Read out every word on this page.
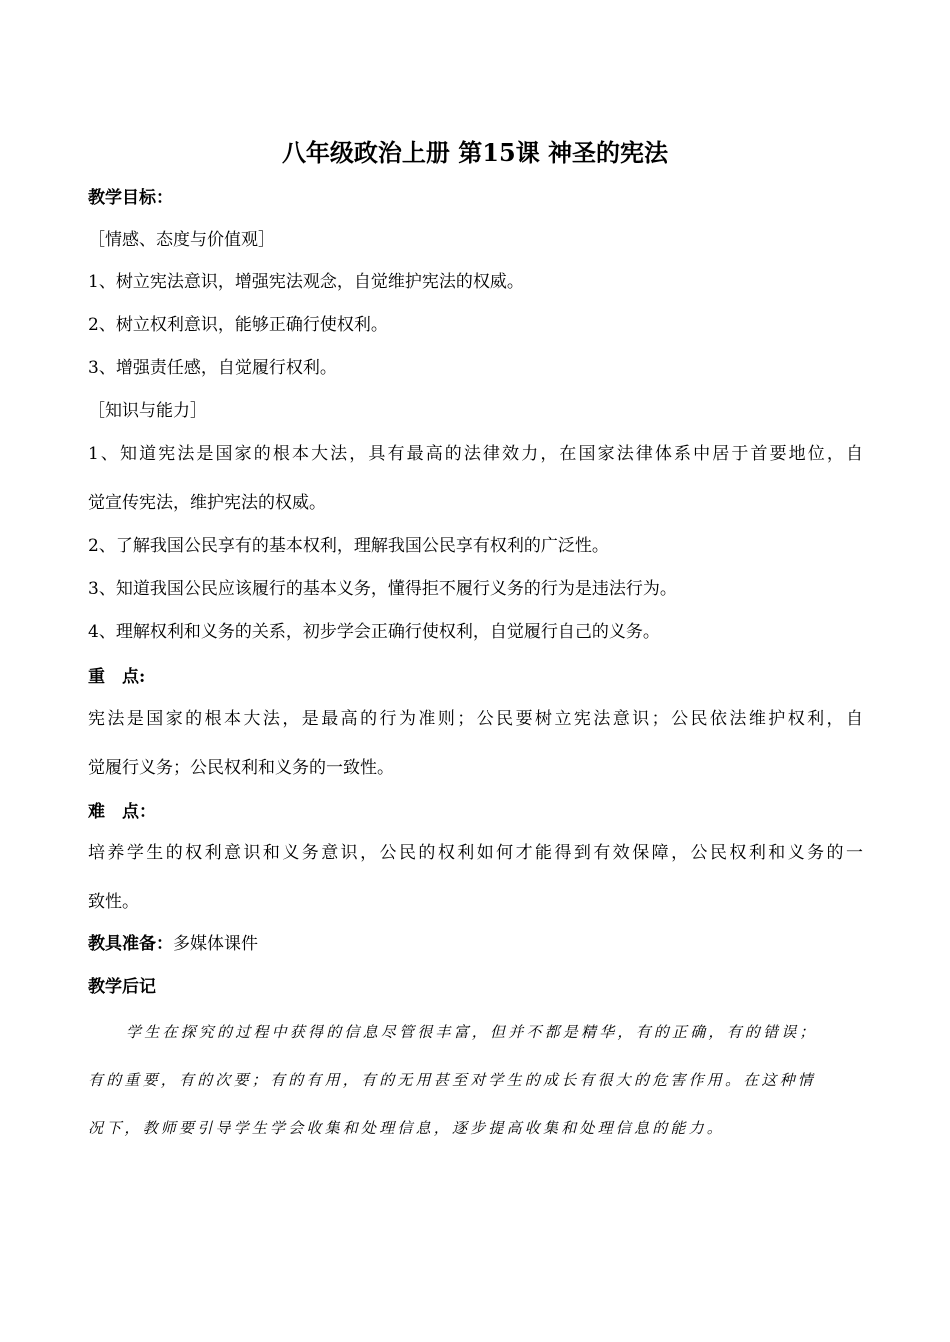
八年级政治上册 第15课 神圣的宪法
教学目标：
［情感、态度与价值观］
1、树立宪法意识，增强宪法观念，自觉维护宪法的权威。
2、树立权利意识，能够正确行使权利。
3、增强责任感，自觉履行权利。
［知识与能力］
1、知道宪法是国家的根本大法，具有最高的法律效力，在国家法律体系中居于首要地位，自
觉宣传宪法，维护宪法的权威。
2、了解我国公民享有的基本权利，理解我国公民享有权利的广泛性。
3、知道我国公民应该履行的基本义务，懂得拒不履行义务的行为是违法行为。
4、理解权利和义务的关系，初步学会正确行使权利，自觉履行自己的义务。
重　点:
宪法是国家的根本大法，是最高的行为准则；公民要树立宪法意识；公民依法维护权利，自
觉履行义务；公民权利和义务的一致性。
难　点：
培养学生的权利意识和义务意识，公民的权利如何才能得到有效保障，公民权利和义务的一
致性。
教具准备：多媒体课件
教学后记
学生在探究的过程中获得的信息尽管很丰富，但并不都是精华，有的正确，有的错误；
有的重要，有的次要；有的有用，有的无用甚至对学生的成长有很大的危害作用。在这种情
况下，教师要引导学生学会收集和处理信息，逐步提高收集和处理信息的能力。
